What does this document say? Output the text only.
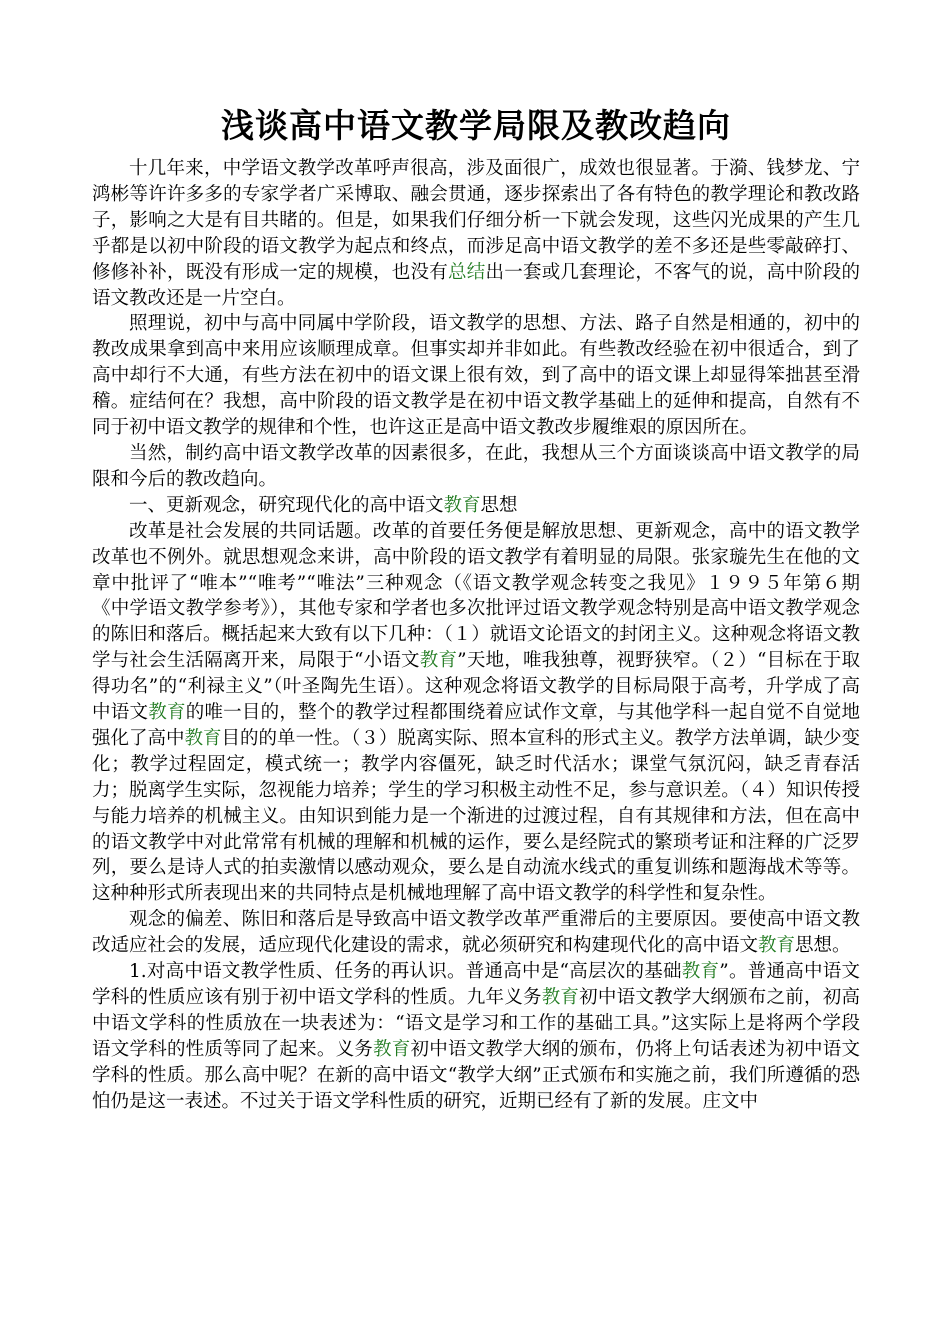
浅谈高中语文教学局限及教改趋向

十几年来，中学语文教学改革呼声很高，涉及面很广，成效也很显著。于漪、钱梦龙、宁鸿彬等许许多多的专家学者广采博取、融会贯通，逐步探索出了各有特色的教学理论和教改路子，影响之大是有目共睹的。但是，如果我们仔细分析一下就会发现，这些闪光成果的产生几乎都是以初中阶段的语文教学为起点和终点，而涉足高中语文教学的差不多还是些零敲碎打、修修补补，既没有形成一定的规模，也没有总结出一套或几套理论，不客气的说，高中阶段的语文教改还是一片空白。

照理说，初中与高中同属中学阶段，语文教学的思想、方法、路子自然是相通的，初中的教改成果拿到高中来用应该顺理成章。但事实却并非如此。有些教改经验在初中很适合，到了高中却行不大通，有些方法在初中的语文课上很有效，到了高中的语文课上却显得笨拙甚至滑稽。症结何在？我想，高中阶段的语文教学是在初中语文教学基础上的延伸和提高，自然有不同于初中语文教学的规律和个性，也许这正是高中语文教改步履维艰的原因所在。

当然，制约高中语文教学改革的因素很多，在此，我想从三个方面谈谈高中语文教学的局限和今后的教改趋向。

一、更新观念，研究现代化的高中语文教育思想

改革是社会发展的共同话题。改革的首要任务便是解放思想、更新观念，高中的语文教学改革也不例外。就思想观念来讲，高中阶段的语文教学有着明显的局限。张家璇先生在他的文章中批评了“唯本”“唯考”“唯法”三种观念（《语文教学观念转变之我见》１９９５年第６期《中学语文教学参考》），其他专家和学者也多次批评过语文教学观念特别是高中语文教学观念的陈旧和落后。概括起来大致有以下几种：（１）就语文论语文的封闭主义。这种观念将语文教学与社会生活隔离开来，局限于“小语文教育”天地，唯我独尊，视野狭窄。（２）“目标在于取得功名”的“利禄主义”（叶圣陶先生语）。这种观念将语文教学的目标局限于高考，升学成了高中语文教育的唯一目的，整个的教学过程都围绕着应试作文章，与其他学科一起自觉不自觉地强化了高中教育目的的单一性。（３）脱离实际、照本宣科的形式主义。教学方法单调，缺少变化；教学过程固定，模式统一；教学内容僵死，缺乏时代活水；课堂气氛沉闷，缺乏青春活力；脱离学生实际，忽视能力培养；学生的学习积极主动性不足，参与意识差。（４）知识传授与能力培养的机械主义。由知识到能力是一个渐进的过渡过程，自有其规律和方法，但在高中的语文教学中对此常常有机械的理解和机械的运作，要么是经院式的繁琐考证和注释的广泛罗列，要么是诗人式的拍卖激情以感动观众，要么是自动流水线式的重复训练和题海战术等等。这种种形式所表现出来的共同特点是机械地理解了高中语文教学的科学性和复杂性。

观念的偏差、陈旧和落后是导致高中语文教学改革严重滞后的主要原因。要使高中语文教改适应社会的发展，适应现代化建设的需求，就必须研究和构建现代化的高中语文教育思想。

1.对高中语文教学性质、任务的再认识。普通高中是“高层次的基础教育”。普通高中语文学科的性质应该有别于初中语文学科的性质。九年义务教育初中语文教学大纲颁布之前，初高中语文学科的性质放在一块表述为：“语文是学习和工作的基础工具。”这实际上是将两个学段语文学科的性质等同了起来。义务教育初中语文教学大纲的颁布，仍将上句话表述为初中语文学科的性质。那么高中呢？在新的高中语文“教学大纲”正式颁布和实施之前，我们所遵循的恐怕仍是这一表述。不过关于语文学科性质的研究，近期已经有了新的发展。庄文中
